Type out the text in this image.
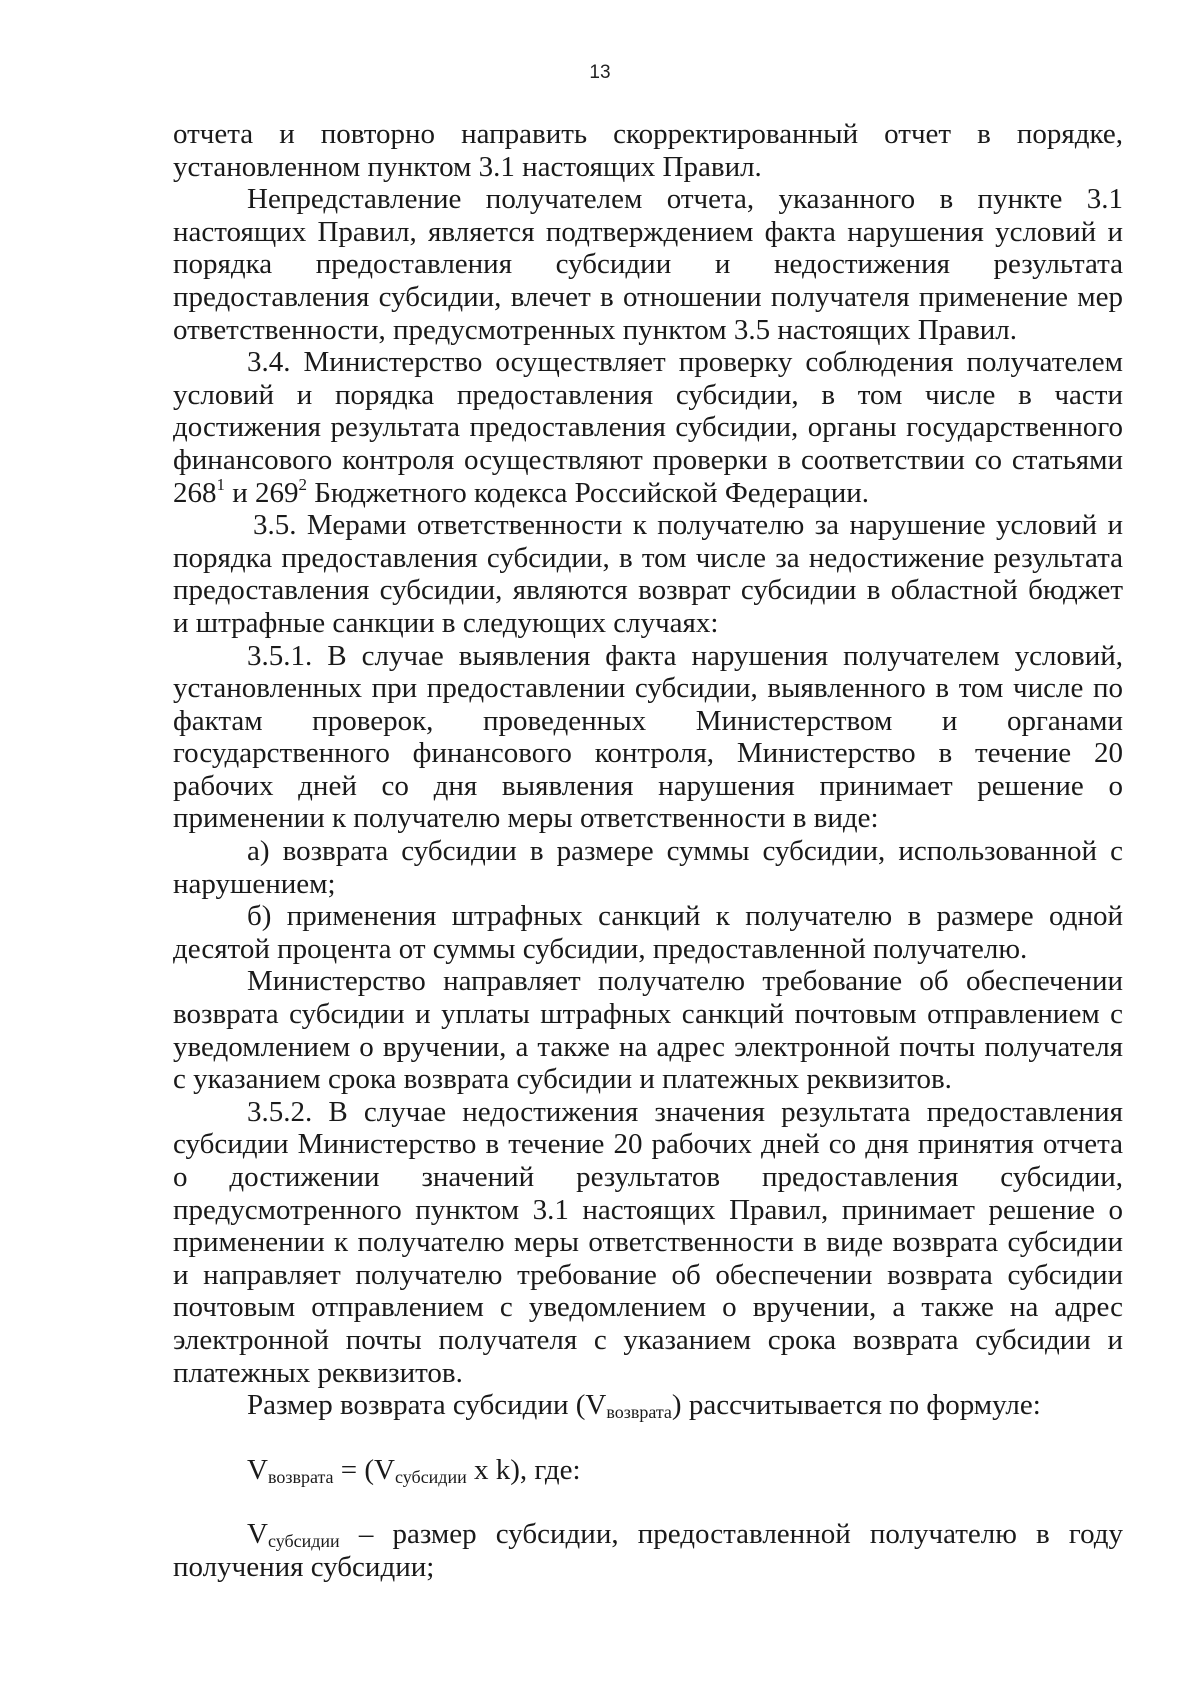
13

отчета и повторно направить скорректированный отчет в порядке, установленном пунктом 3.1 настоящих Правил.

Непредставление получателем отчета, указанного в пункте 3.1 настоящих Правил, является подтверждением факта нарушения условий и порядка предоставления субсидии и недостижения результата предоставления субсидии, влечет в отношении получателя применение мер ответственности, предусмотренных пунктом 3.5 настоящих Правил.

3.4. Министерство осуществляет проверку соблюдения получателем условий и порядка предоставления субсидии, в том числе в части достижения результата предоставления субсидии, органы государственного финансового контроля осуществляют проверки в соответствии со статьями $268^1$ и $269^2$ Бюджетного кодекса Российской Федерации.

3.5. Мерами ответственности к получателю за нарушение условий и порядка предоставления субсидии, в том числе за недостижение результата предоставления субсидии, являются возврат субсидии в областной бюджет и штрафные санкции в следующих случаях:

3.5.1. В случае выявления факта нарушения получателем условий, установленных при предоставлении субсидии, выявленного в том числе по фактам проверок, проведенных Министерством и органами государственного финансового контроля, Министерство в течение 20 рабочих дней со дня выявления нарушения принимает решение о применении к получателю меры ответственности в виде:

а) возврата субсидии в размере суммы субсидии, использованной с нарушением;

б) применения штрафных санкций к получателю в размере одной десятой процента от суммы субсидии, предоставленной получателю.

Министерство направляет получателю требование об обеспечении возврата субсидии и уплаты штрафных санкций почтовым отправлением с уведомлением о вручении, а также на адрес электронной почты получателя с указанием срока возврата субсидии и платежных реквизитов.

3.5.2. В случае недостижения значения результата предоставления субсидии Министерство в течение 20 рабочих дней со дня принятия отчета о достижении значений результатов предоставления субсидии, предусмотренного пунктом 3.1 настоящих Правил, принимает решение о применении к получателю меры ответственности в виде возврата субсидии и направляет получателю требование об обеспечении возврата субсидии почтовым отправлением с уведомлением о вручении, а также на адрес электронной почты получателя с указанием срока возврата субсидии и платежных реквизитов.

Размер возврата субсидии $(V_{возврата})$ рассчитывается по формуле:

$V_{возврата} = (V_{субсидии}$ x k), где:

$V_{субсидии}$ – размер субсидии, предоставленной получателю в году получения субсидии;
